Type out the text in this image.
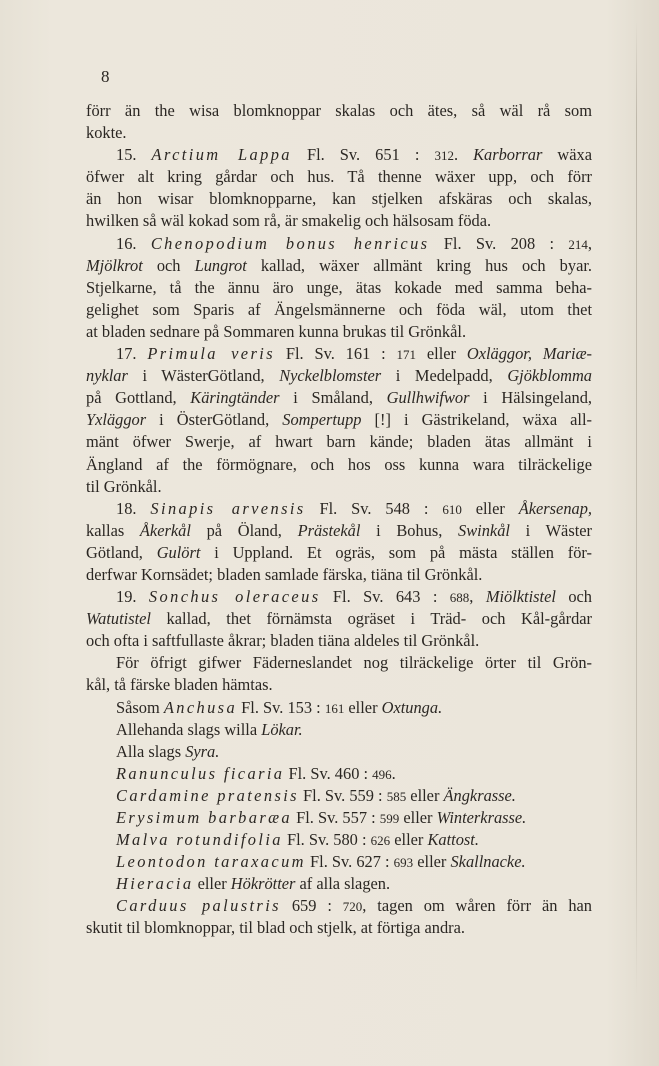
8
förr än the wisa blomknoppar skalas och ätes, så wäl rå som
kokte.
15. Arctium Lappa Fl. Sv. 651 : 312. Karborrar wäxa
öfwer alt kring gårdar och hus. Tå thenne wäxer upp, och förr
än hon wisar blomknopparne, kan stjelken afskäras och skalas,
hwilken så wäl kokad som rå, är smakelig och hälsosam föda.
16. Chenopodium bonus henricus Fl. Sv. 208 : 214,
Mjölkrot och Lungrot kallad, wäxer allmänt kring hus och byar.
Stjelkarne, tå the ännu äro unge, ätas kokade med samma beha-
gelighet som Sparis af Ängelsmännerne och föda wäl, utom thet
at bladen sednare på Sommaren kunna brukas til Grönkål.
17. Primula veris Fl. Sv. 161 : 171 eller Oxläggor, Mariæ-
nyklar i WästerGötland, Nyckelblomster i Medelpadd, Gjökblomma
på Gottland, Käringtänder i Småland, Gullhwifwor i Hälsingeland,
Yxläggor i ÖsterGötland, Sompertupp [!] i Gästrikeland, wäxa all-
mänt öfwer Swerje, af hwart barn kände; bladen ätas allmänt i
Ängland af the förmögnare, och hos oss kunna wara tilräckelige
til Grönkål.
18. Sinapis arvensis Fl. Sv. 548 : 610 eller Åkersenap,
kallas Åkerkål på Öland, Prästekål i Bohus, Swinkål i Wäster
Götland, Gulört i Uppland. Et ogräs, som på mästa ställen för-
derfwar Kornsädet; bladen samlade färska, tiäna til Grönkål.
19. Sonchus oleraceus Fl. Sv. 643 : 688, Miölktistel och
Watutistel kallad, thet förnämsta ogräset i Träd- och Kål-gårdar
och ofta i saftfullaste åkrar; bladen tiäna aldeles til Grönkål.
För öfrigt gifwer Fäderneslandet nog tilräckelige örter til Grön-
kål, tå färske bladen hämtas.
Såsom Anchusa Fl. Sv. 153 : 161 eller Oxtunga.
Allehanda slags willa Lökar.
Alla slags Syra.
Ranunculus ficaria Fl. Sv. 460 : 496.
Cardamine pratensis Fl. Sv. 559 : 585 eller Ängkrasse.
Erysimum barbaræa Fl. Sv. 557 : 599 eller Winterkrasse.
Malva rotundifolia Fl. Sv. 580 : 626 eller Kattost.
Leontodon taraxacum Fl. Sv. 627 : 693 eller Skallnacke.
Hieracia eller Hökrötter af alla slagen.
Carduus palustris 659 : 720, tagen om wåren förr än han
skutit til blomknoppar, til blad och stjelk, at förtiga andra.
